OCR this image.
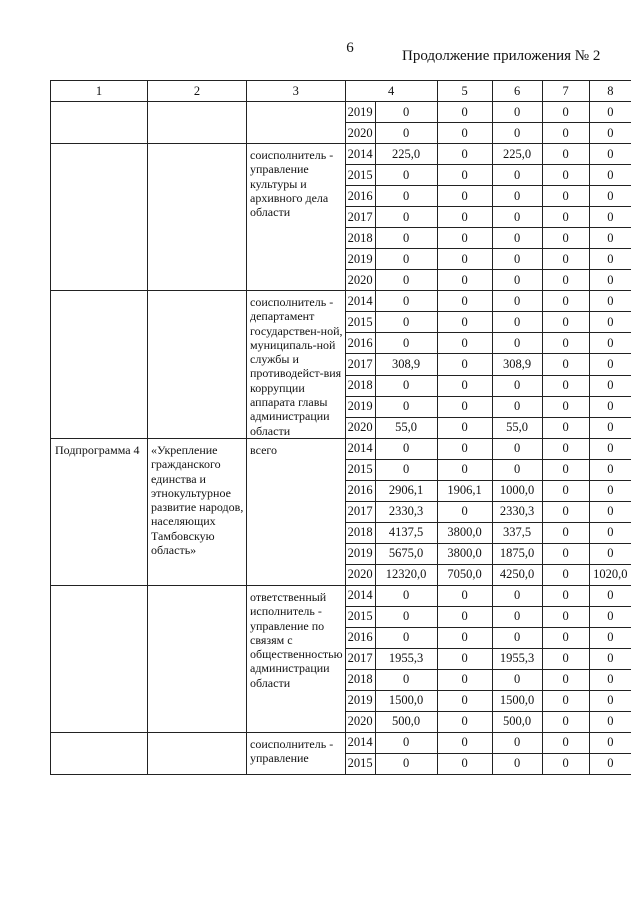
6	Продолжение приложения № 2
1	2	3	4		5	6	7	8
			2019	0	0	0	0	0
			2020	0	0	0	0	0
		соисполнитель - управление культуры и архивного дела области	2014	225,0	0	225,0	0	0
			2015	0	0	0	0	0
			2016	0	0	0	0	0
			2017	0	0	0	0	0
			2018	0	0	0	0	0
			2019	0	0	0	0	0
			2020	0	0	0	0	0
		соисполнитель - департамент государствен-ной, муниципаль-ной службы и противодейст-вия коррупции аппарата главы администрации области	2014	0	0	0	0	0
			2015	0	0	0	0	0
			2016	0	0	0	0	0
			2017	308,9	0	308,9	0	0
			2018	0	0	0	0	0
			2019	0	0	0	0	0
			2020	55,0	0	55,0	0	0
Подпрограмма 4	«Укрепление гражданского единства и этнокультурное развитие народов, населяющих Тамбовскую область»	всего	2014	0	0	0	0	0
			2015	0	0	0	0	0
			2016	2906,1	1906,1	1000,0	0	0
			2017	2330,3	0	2330,3	0	0
			2018	4137,5	3800,0	337,5	0	0
			2019	5675,0	3800,0	1875,0	0	0
			2020	12320,0	7050,0	4250,0	0	1020,0
		ответственный исполнитель - управление по связям с общественностью администрации области	2014	0	0	0	0	0
			2015	0	0	0	0	0
			2016	0	0	0	0	0
			2017	1955,3	0	1955,3	0	0
			2018	0	0	0	0	0
			2019	1500,0	0	1500,0	0	0
			2020	500,0	0	500,0	0	0
		соисполнитель - управление	2014	0	0	0	0	0
			2015	0	0	0	0	0
